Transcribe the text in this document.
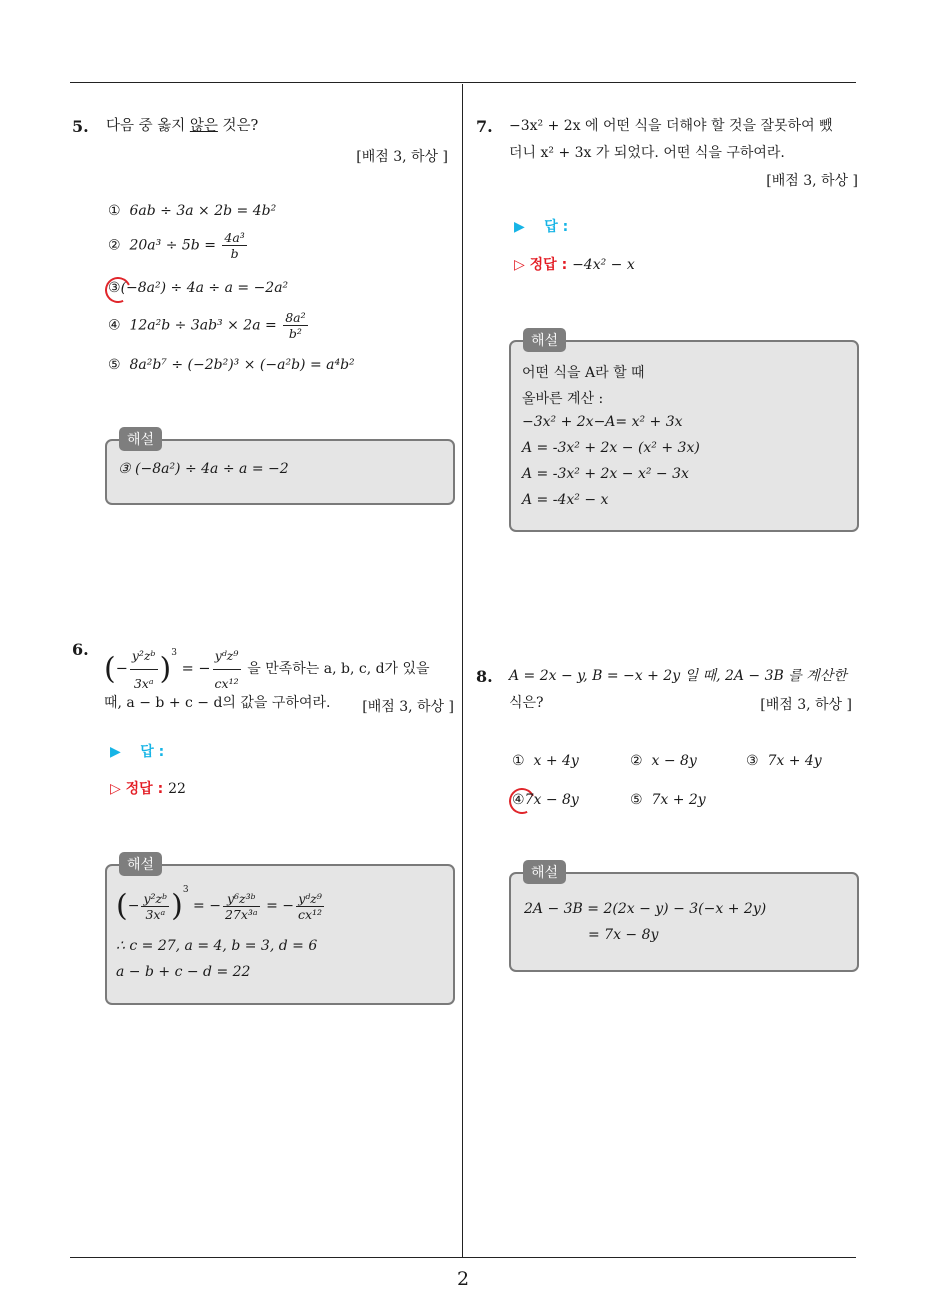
2
5. 다음 중 옳지 않은 것은?
[배점 3, 하상 ]
① 6ab ÷ 3a × 2b = 4b²
② $20a^3 \div 5b = \frac{\text{4a³}}{b}$
③(−8a²) ÷ 4a ÷ a = −2a²
④ $12a^2b \div 3ab^3 \times 2a = \frac{\text{8a²}}{\text{b²}}$
⑤ 8a²b⁷ ÷ (−2b²)³ × (−a²b) = a⁴b²
해설
③ (−8a²) ÷ 4a ÷ a = −2
6.
(− $\frac{\text{y²zᵇ}}{\text{3xᵃ}} )^3$ = − $\frac{\text{yᵈz⁹}}{\text{cx¹²}}$ 을 만족하는 a, b, c, d가 있을
때, a − b + c − d의 값을 구하여라. [배점 3, 하상 ]
▶ 답 :
▷ 정답 : 22
해설
(− $\frac{\text{y²zᵇ}}{\text{3xᵃ}} )^3$ = − $\frac{\text{y⁶z³ᵇ}}{\text{27x³ᵃ}}$ = − $\frac{\text{yᵈz⁹}}{\text{cx¹²}}$
∴ c = 27, a = 4, b = 3, d = 6
a − b + c − d = 22
7. −3x² + 2x 에 어떤 식을 더해야 할 것을 잘못하여 뺐
더니 x² + 3x 가 되었다. 어떤 식을 구하여라.
[배점 3, 하상 ]
▶ 답 :
▷ 정답 : −4x² − x
해설
어떤 식을 A라 할 때
올바른 계산 :
−3x² + 2x−A= x² + 3x
A = -3x² + 2x − (x² + 3x)
A = -3x² + 2x − x² − 3x
A = -4x² − x
8. A = 2x − y, B = −x + 2y 일 때, 2A − 3B 를 계산한
식은?	[배점 3, 하상 ]
① x + 4y	② x − 8y	③ 7x + 4y
④7x − 8y	⑤ 7x + 2y
해설
2A − 3B = 2(2x − y) − 3(−x + 2y)
= 7x − 8y
